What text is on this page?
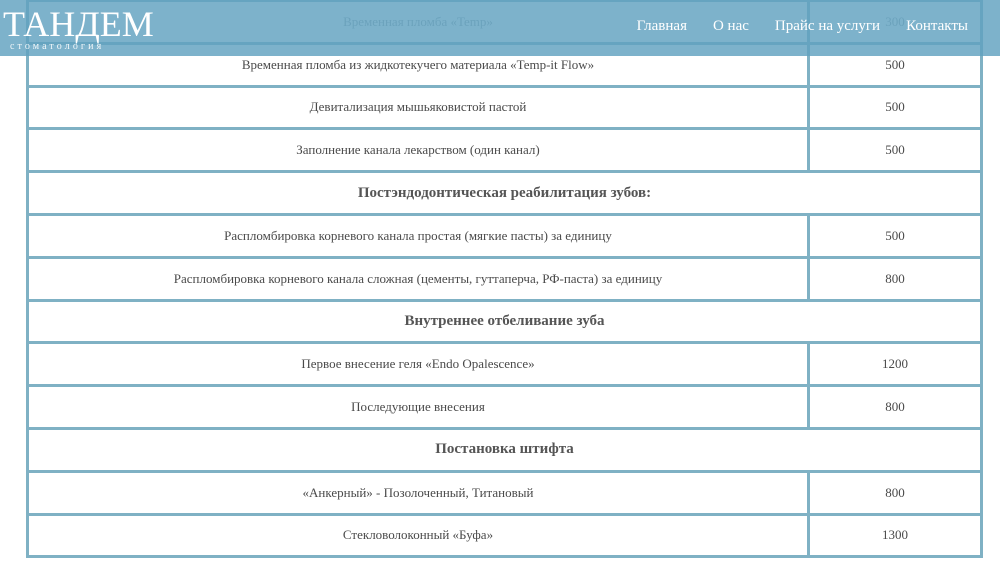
Временная пломба из жидкотекучего материала «Temp-it Flow»	500
Девитализация мышьяковистой пастой	500
Заполнение канала лекарством (один канал)	500
Постэндодонтическая реабилитация зубов:	
Распломбировка корневого канала простая (мягкие пасты) за единицу	500
Распломбировка корневого канала сложная (цементы, гуттаперча, РФ-паста) за единицу	800
Внутреннее отбеливание зуба	
Первое внесение геля «Endo Opalescence»	1200
Последующие внесения	800
Постановка штифта	
«Анкерный» - Позолоченный, Титановый	800
Стекловолоконный «Буфа»	1300
ТАНДЕМ
стоматология
Главная О нас Прайс на услуги Контакты
